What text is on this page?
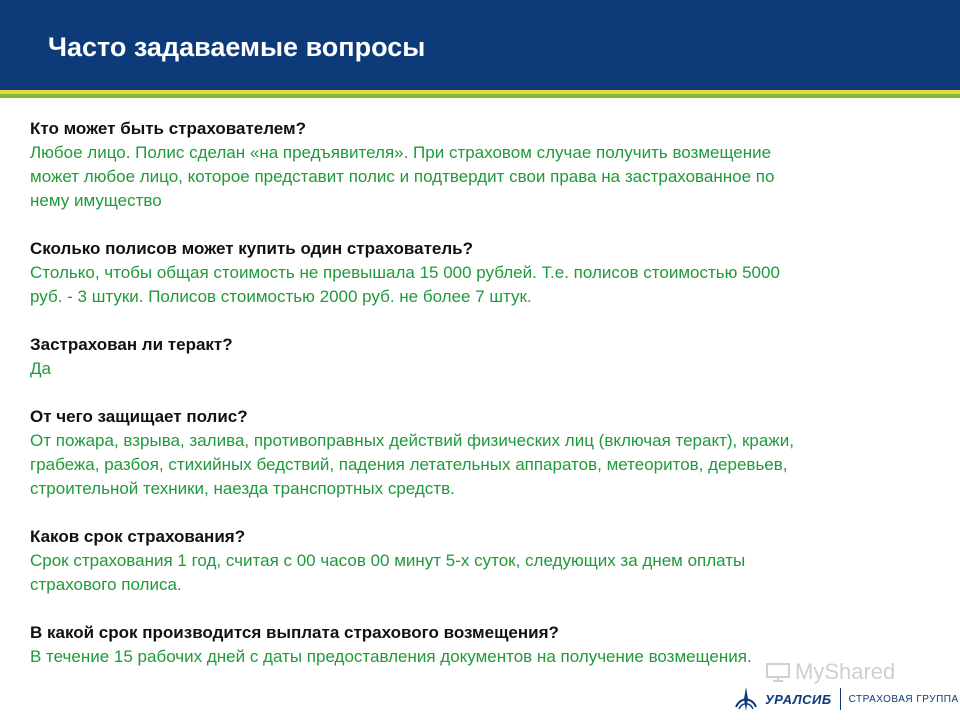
Часто задаваемые вопросы
Кто может быть страхователем?
Любое лицо. Полис сделан «на предъявителя». При страховом случае получить возмещение
может любое лицо, которое представит полис и подтвердит свои права на застрахованное по
нему имущество
Сколько полисов может купить один страхователь?
Столько, чтобы общая стоимость не превышала 15 000 рублей. Т.е. полисов стоимостью 5000
руб. - 3 штуки. Полисов стоимостью 2000 руб. не более 7 штук.
Застрахован ли теракт?
Да
От чего защищает полис?
От пожара, взрыва, залива, противоправных действий физических лиц (включая теракт), кражи,
грабежа, разбоя, стихийных бедствий, падения летательных аппаратов, метеоритов, деревьев,
строительной техники, наезда транспортных средств.
Каков срок страхования?
Срок страхования 1 год, считая с 00 часов 00 минут 5-х суток, следующих за днем оплаты
страхового полиса.
В какой срок производится выплата страхового возмещения?
В течение 15 рабочих дней с даты предоставления документов на получение возмещения.
MyShared
УРАЛСИБ СТРАХОВАЯ ГРУППА
